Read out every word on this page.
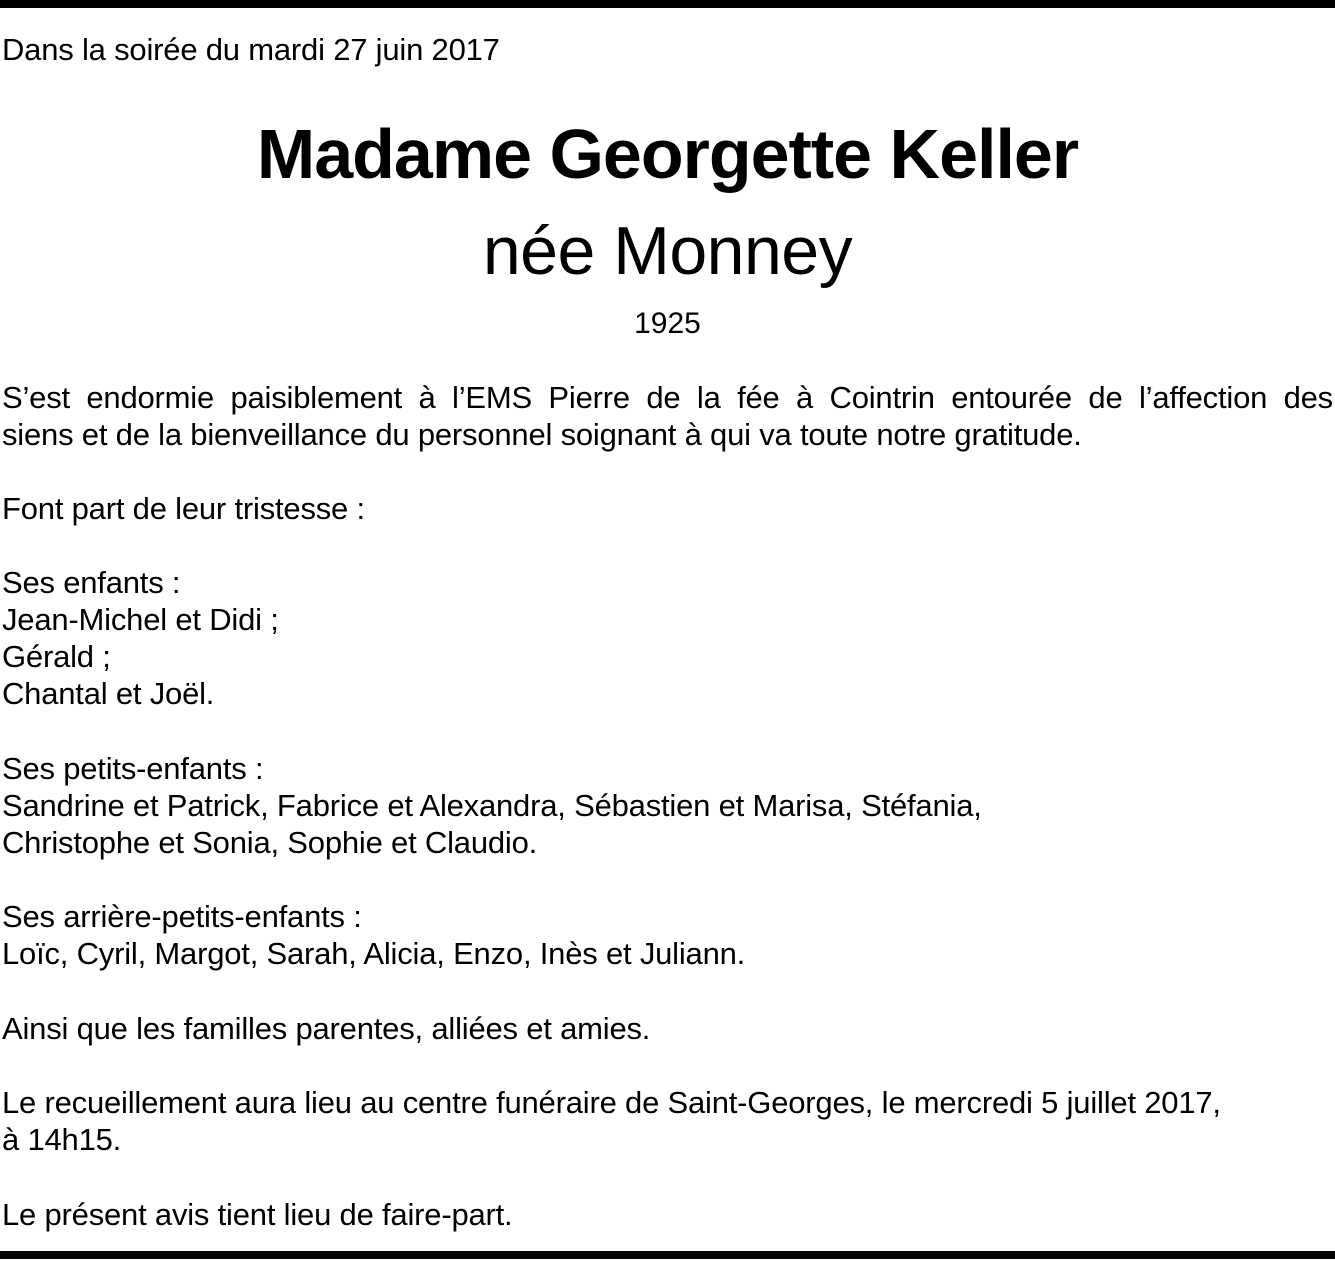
Dans la soirée du mardi 27 juin 2017
Madame Georgette Keller
née Monney
1925
S’est endormie paisiblement à l’EMS Pierre de la fée à Cointrin entourée de l’affection des
siens et de la bienveillance du personnel soignant à qui va toute notre gratitude.
Font part de leur tristesse :
Ses enfants :
Jean-Michel et Didi ;
Gérald ;
Chantal et Joël.
Ses petits-enfants :
Sandrine et Patrick, Fabrice et Alexandra, Sébastien et Marisa, Stéfania,
Christophe et Sonia, Sophie et Claudio.
Ses arrière-petits-enfants :
Loïc, Cyril, Margot, Sarah, Alicia, Enzo, Inès et Juliann.
Ainsi que les familles parentes, alliées et amies.
Le recueillement aura lieu au centre funéraire de Saint-Georges, le mercredi 5 juillet 2017,
à 14h15.
Le présent avis tient lieu de faire-part.
